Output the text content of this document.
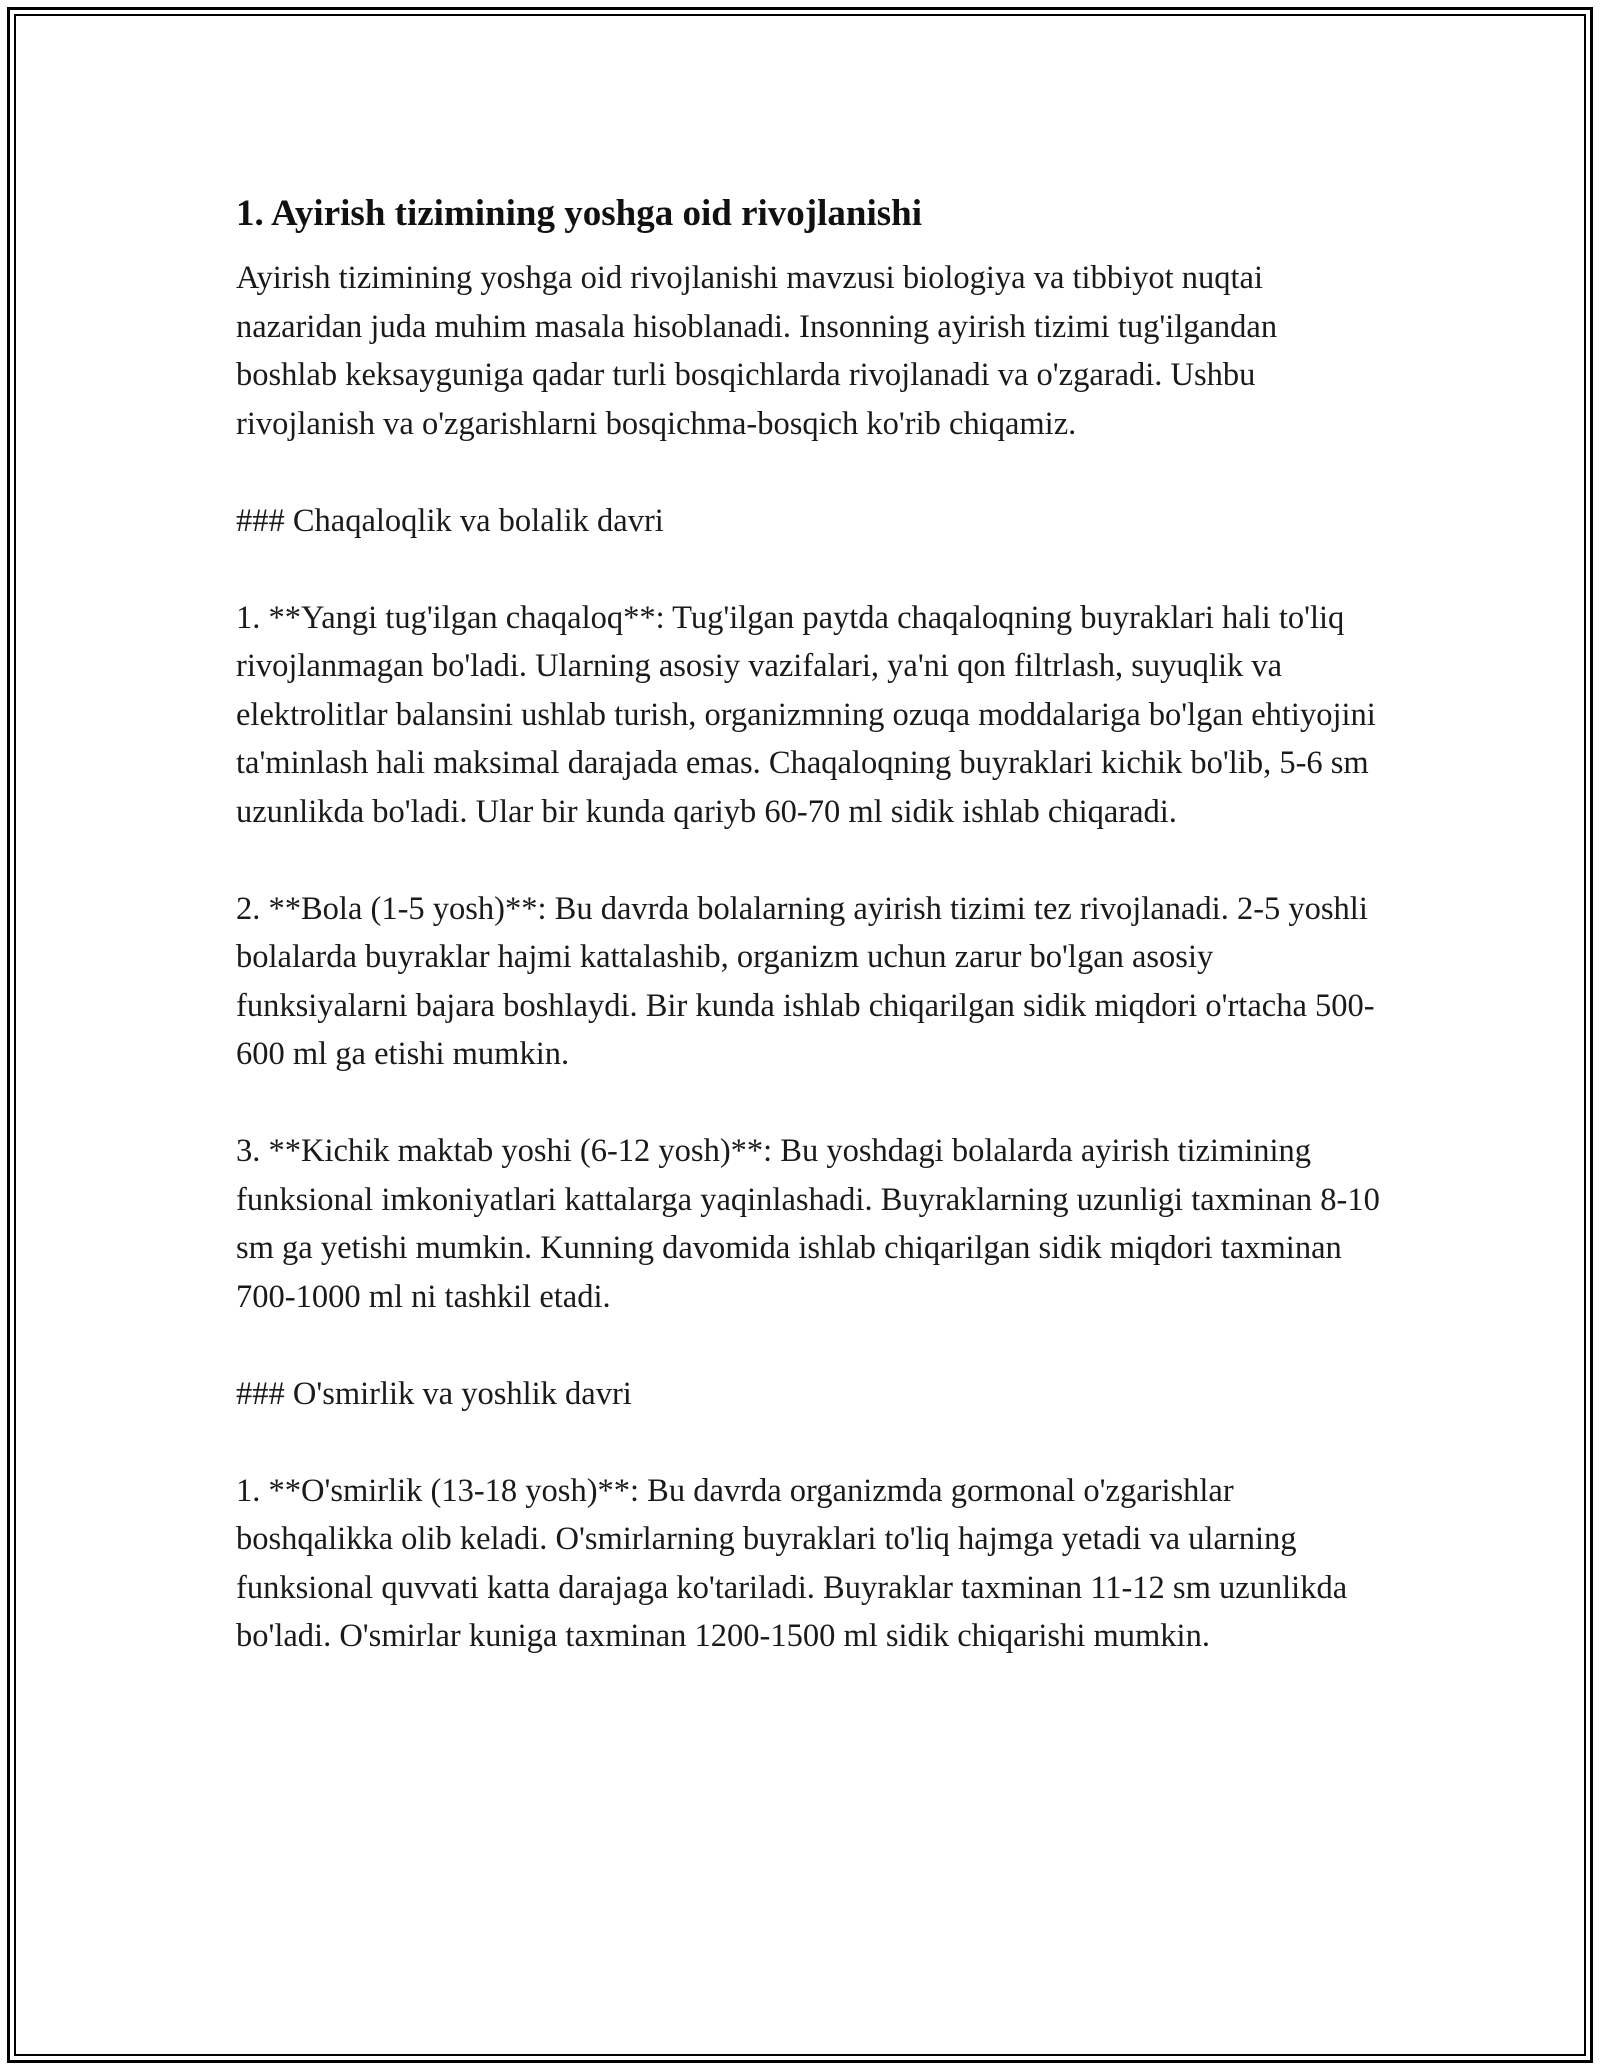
1. Ayirish tizimining yoshga oid rivojlanishi

Ayirish tizimining yoshga oid rivojlanishi mavzusi biologiya va tibbiyot nuqtai nazaridan juda muhim masala hisoblanadi. Insonning ayirish tizimi tug'ilgandan boshlab keksayguniga qadar turli bosqichlarda rivojlanadi va o'zgaradi. Ushbu rivojlanish va o'zgarishlarni bosqichma-bosqich ko'rib chiqamiz.

### Chaqaloqlik va bolalik davri

1. **Yangi tug'ilgan chaqaloq**: Tug'ilgan paytda chaqaloqning buyraklari hali to'liq rivojlanmagan bo'ladi. Ularning asosiy vazifalari, ya'ni qon filtrlash, suyuqlik va elektrolitlar balansini ushlab turish, organizmning ozuqa moddalariga bo'lgan ehtiyojini ta'minlash hali maksimal darajada emas. Chaqaloqning buyraklari kichik bo'lib, 5-6 sm uzunlikda bo'ladi. Ular bir kunda qariyb 60-70 ml sidik ishlab chiqaradi.

2. **Bola (1-5 yosh)**: Bu davrda bolalarning ayirish tizimi tez rivojlanadi. 2-5 yoshli bolalarda buyraklar hajmi kattalashib, organizm uchun zarur bo'lgan asosiy funksiyalarni bajara boshlaydi. Bir kunda ishlab chiqarilgan sidik miqdori o'rtacha 500-600 ml ga etishi mumkin.

3. **Kichik maktab yoshi (6-12 yosh)**: Bu yoshdagi bolalarda ayirish tizimining funksional imkoniyatlari kattalarga yaqinlashadi. Buyraklarning uzunligi taxminan 8-10 sm ga yetishi mumkin. Kunning davomida ishlab chiqarilgan sidik miqdori taxminan 700-1000 ml ni tashkil etadi.

### O'smirlik va yoshlik davri

1. **O'smirlik (13-18 yosh)**: Bu davrda organizmda gormonal o'zgarishlar boshqalikka olib keladi. O'smirlarning buyraklari to'liq hajmga yetadi va ularning funksional quvvati katta darajaga ko'tariladi. Buyraklar taxminan 11-12 sm uzunlikda bo'ladi. O'smirlar kuniga taxminan 1200-1500 ml sidik chiqarishi mumkin.
